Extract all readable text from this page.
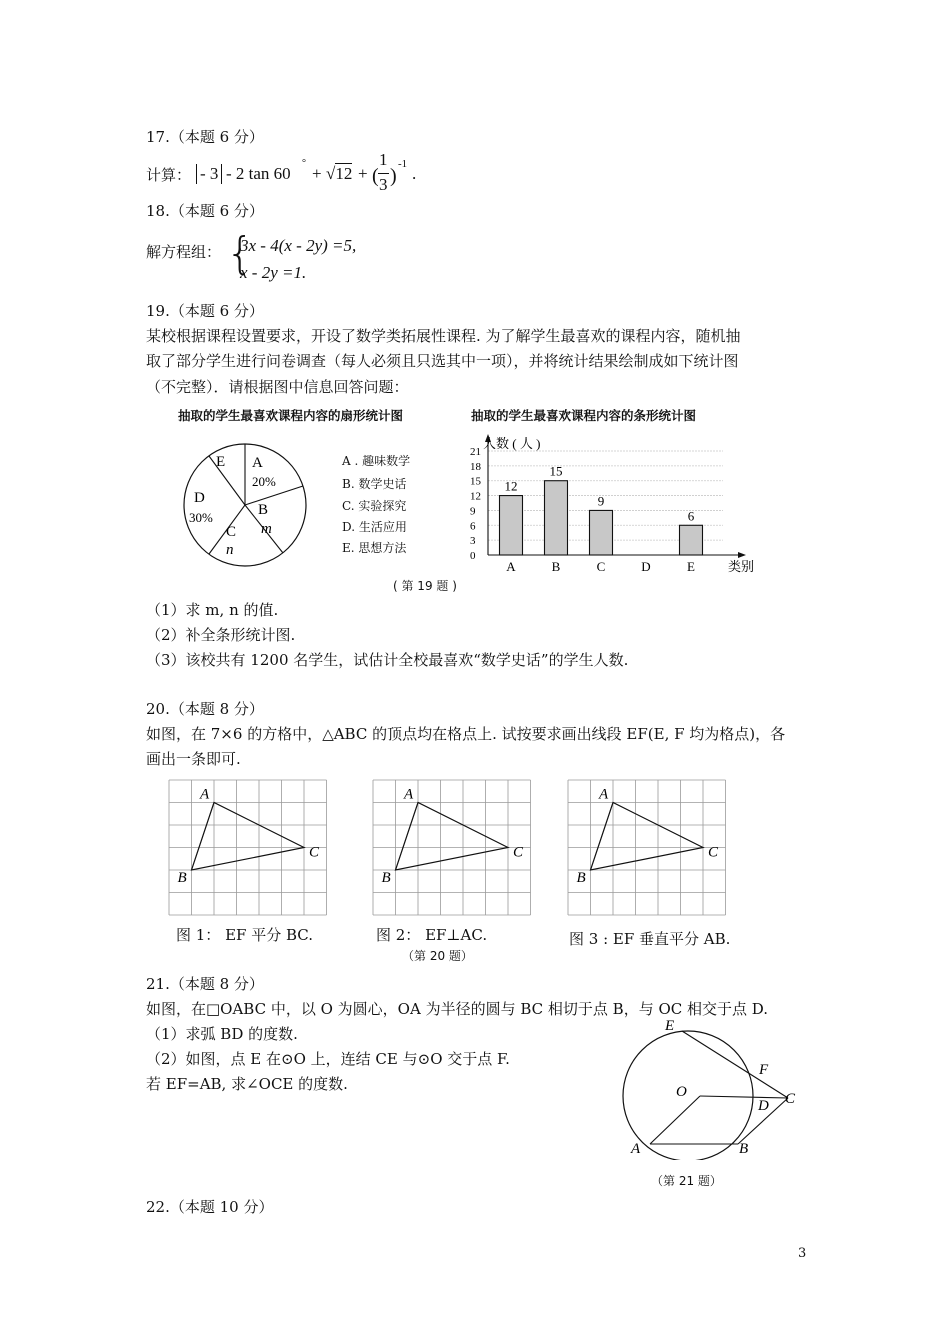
17.（本题 6 分）
计算： - 3 - 2 tan 60
°
+ √12 + (
1
3 )
-1 .
18.（本题 6 分）
解方程组： {
3x - 4(x - 2y) =5,
x - 2y =1.
19.（本题 6 分）
某校根据课程设置要求，开设了数学类拓展性课程. 为了解学生最喜欢的课程内容，随机抽
取了部分学生进行问卷调查（每人必须且只选其中一项），并将统计结果绘制成如下统计图
（不完整）．请根据图中信息回答问题：
抽取的学生最喜欢课程内容的扇形统计图	抽取的学生最喜欢课程内容的条形统计图
E A
20%
D
30%	B
m
C
n
A . 趣味数学
B. 数学史话
C. 实验探究
D. 生活应用
E. 思想方法
0
3
6
9
12
15
18
21
12
15
9
6
A	B	C	D	E
人数 ( 人 )
类别
( 第 19 题 )
（1）求 m, n 的值.
（2）补全条形统计图.
（3）该校共有 1200 名学生，试估计全校最喜欢“数学史话”的学生人数.
20.（本题 8 分）
如图，在 7×6 的方格中，△ABC 的顶点均在格点上. 试按要求画出线段 EF(E, F 均为格点)，各
画出一条即可.
A
B
C
A
B
C
A
B
C
图 1： EF 平分 BC.	图 2： EF⊥AC.	图 3 : EF 垂直平分 AB.
（第 20 题）
21.（本题 8 分）
如图，在□OABC 中，以 O 为圆心，OA 为半径的圆与 BC 相切于点 B，与 OC 相交于点 D.
（1）求弧 BD 的度数.
（2）如图，点 E 在⊙O 上，连结 CE 与⊙O 交于点 F.
若 EF=AB, 求∠OCE 的度数.
E
F
O
D C
A	B
（第 21 题）
22.（本题 10 分）
3
